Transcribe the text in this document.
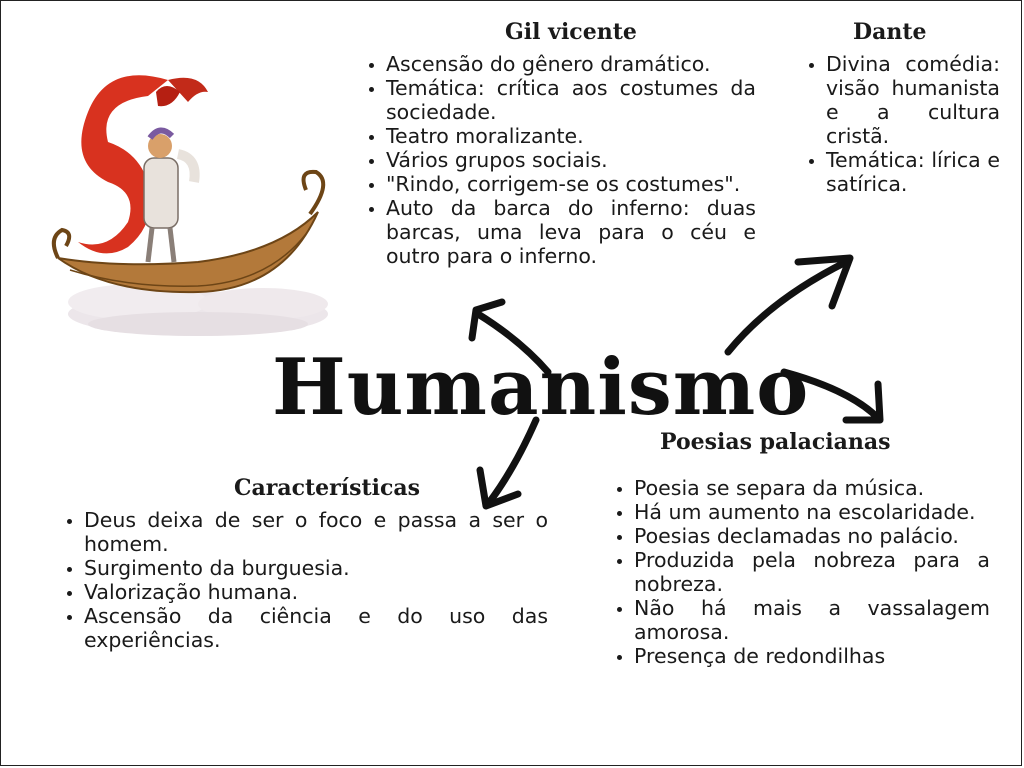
Humanismo
Gil vicente
• Ascensão do gênero dramático.
• Temática: crítica aos costumes da sociedade.
• Teatro moralizante.
• Vários grupos sociais.
• "Rindo, corrigem-se os costumes".
• Auto da barca do inferno: duas barcas, uma leva para o céu e outro para o inferno.
Dante
• Divina comédia: visão humanista e a cultura cristã.
• Temática: lírica e satírica.
Características
• Deus deixa de ser o foco e passa a ser o homem.
• Surgimento da burguesia.
• Valorização humana.
• Ascensão da ciência e do uso das experiências.
Poesias palacianas
• Poesia se separa da música.
• Há um aumento na escolaridade.
• Poesias declamadas no palácio.
• Produzida pela nobreza para a nobreza.
• Não há mais a vassalagem amorosa.
• Presença de redondilhas
